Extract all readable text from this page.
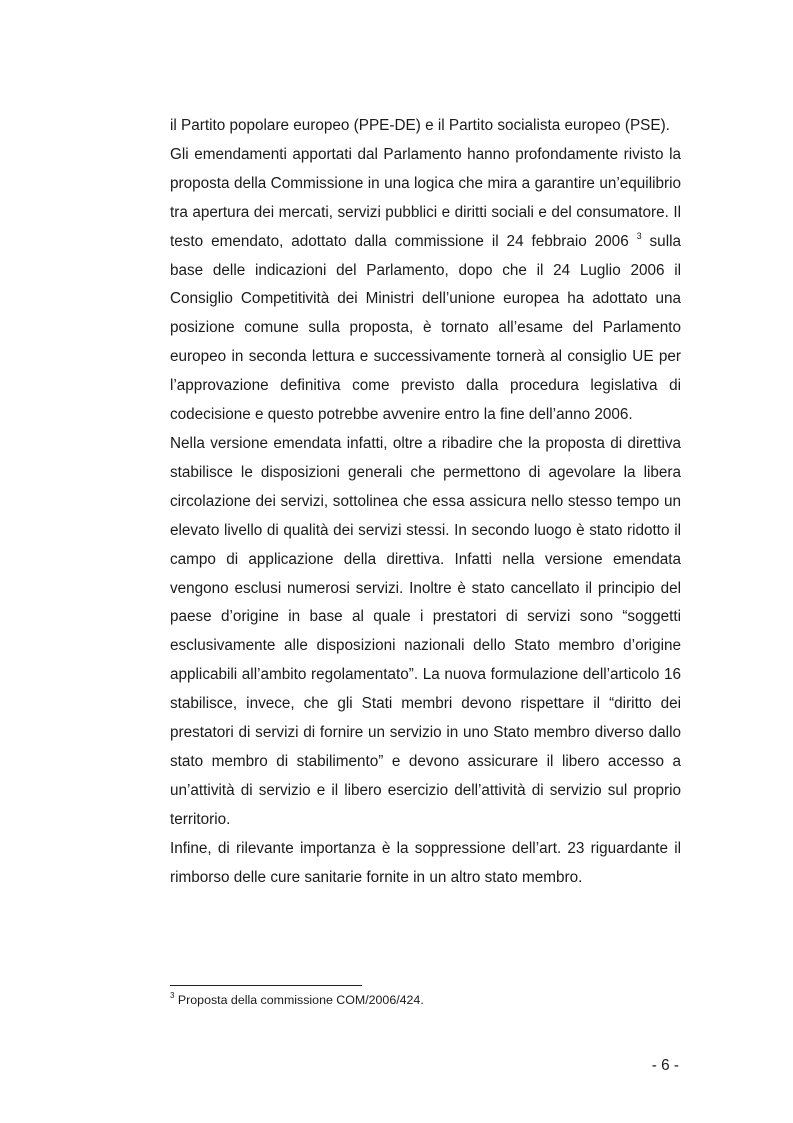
il Partito popolare europeo (PPE-DE) e il Partito socialista europeo (PSE).

Gli emendamenti apportati dal Parlamento hanno profondamente rivisto la proposta della Commissione in una logica che mira a garantire un’equilibrio tra apertura dei mercati, servizi pubblici e diritti sociali e del consumatore. Il testo emendato, adottato dalla commissione il 24 febbraio 2006 $^3$ sulla base delle indicazioni del Parlamento, dopo che il 24 Luglio 2006 il Consiglio Competitività dei Ministri dell’unione europea ha adottato una posizione comune sulla proposta, è tornato all’esame del Parlamento europeo in seconda lettura e successivamente tornerà al consiglio UE per l’approvazione definitiva come previsto dalla procedura legislativa di codecisione e questo potrebbe avvenire entro la fine dell’anno 2006.

Nella versione emendata infatti, oltre a ribadire che la proposta di direttiva stabilisce le disposizioni generali che permettono di agevolare la libera circolazione dei servizi, sottolinea che essa assicura nello stesso tempo un elevato livello di qualità dei servizi stessi. In secondo luogo è stato ridotto il campo di applicazione della direttiva. Infatti nella versione emendata vengono esclusi numerosi servizi. Inoltre è stato cancellato il principio del paese d’origine in base al quale i prestatori di servizi sono “soggetti esclusivamente alle disposizioni nazionali dello Stato membro d’origine applicabili all’ambito regolamentato”. La nuova formulazione dell’articolo 16 stabilisce, invece, che gli Stati membri devono rispettare il “diritto dei prestatori di servizi di fornire un servizio in uno Stato membro diverso dallo stato membro di stabilimento” e devono assicurare il libero accesso a un’attività di servizio e il libero esercizio dell’attività di servizio sul proprio territorio.

Infine, di rilevante importanza è la soppressione dell’art. 23 riguardante il rimborso delle cure sanitarie fornite in un altro stato membro.

$^3$ Proposta della commissione COM/2006/424.
- 6 -
